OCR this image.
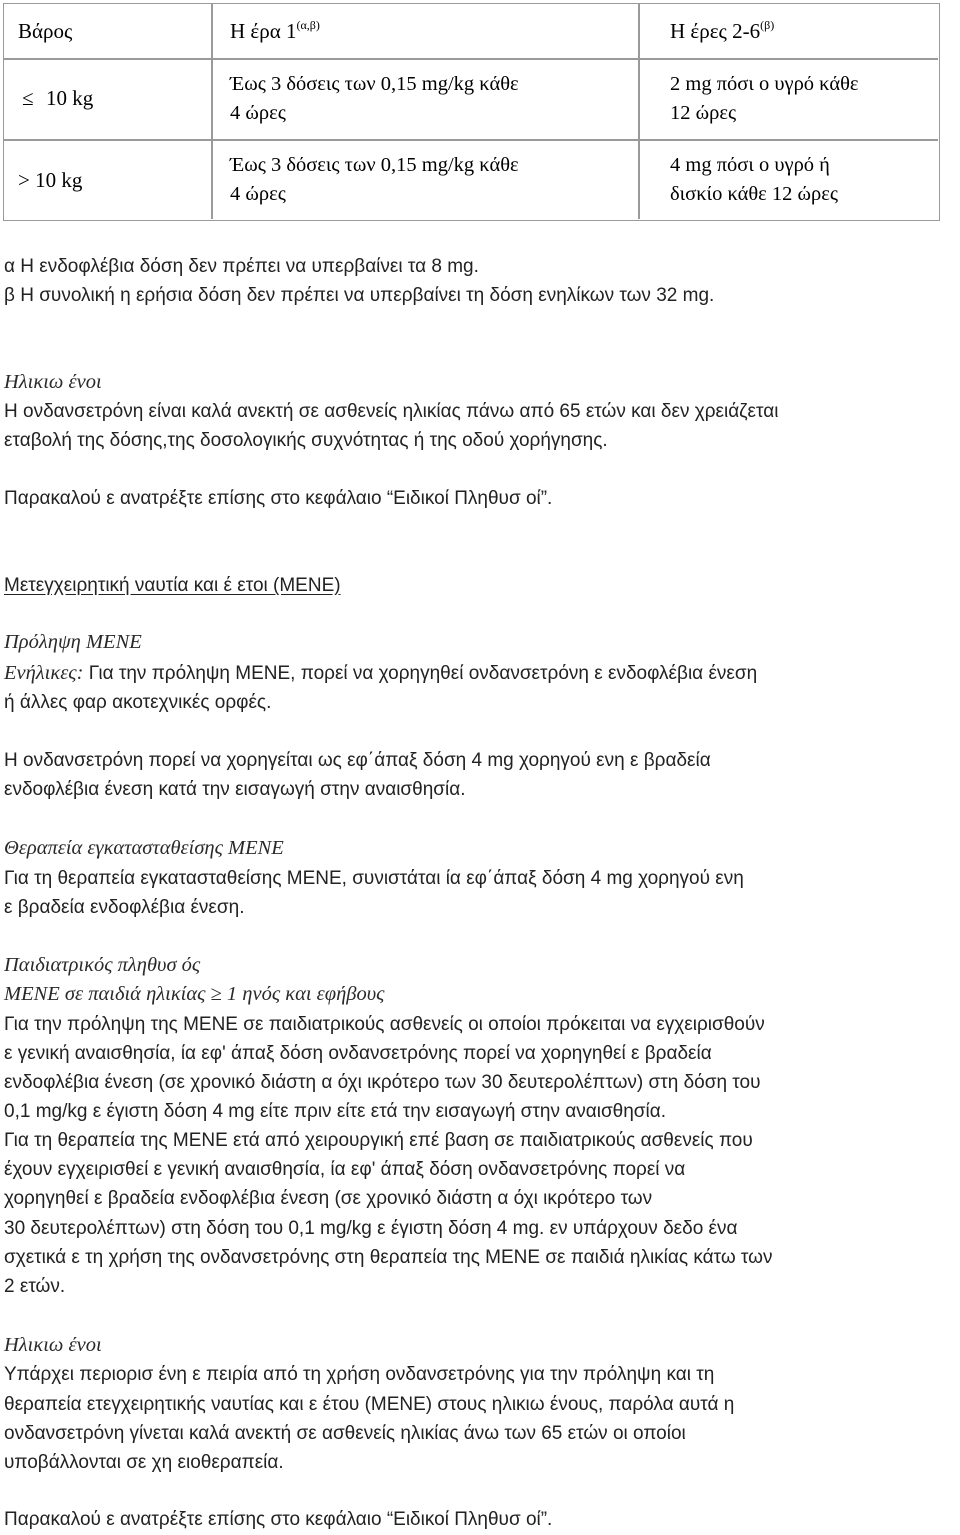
Βάρος	Η έρα $1^{(\alpha,\beta)}$	Η έρες $2-6^{(\beta)}$
≤ 10 kg
Έως 3 δόσεις των 0,15 mg/kg κάθε
4 ώρες
2 mg πόσι ο υγρό κάθε
12 ώρες
> 10 kg
Έως 3 δόσεις των 0,15 mg/kg κάθε
4 ώρες
4 mg πόσι ο υγρό ή
δισκίο κάθε 12 ώρες
α Η ενδοφλέβια δόση δεν πρέπει να υπερβαίνει τα 8 mg.
β Η συνολική η ερήσια δόση δεν πρέπει να υπερβαίνει τη δόση ενηλίκων των 32 mg.
Ηλικιω ένοι
Η ονδανσετρόνη είναι καλά ανεκτή σε ασθενείς ηλικίας πάνω από 65 ετών και δεν χρειάζεται
εταβολή της δόσης,της δοσολογικής συχνότητας ή της οδού χορήγησης.
Παρακαλού ε ανατρέξτε επίσης στο κεφάλαιο “Ειδικοί Πληθυσ οί”.
Μετεγχειρητική ναυτία και έ ετοι (ΜΕΝΕ)
Πρόληψη ΜΕΝΕ
Ενήλικες: Για την πρόληψη ΜΕΝΕ, πορεί να χορηγηθεί ονδανσετρόνη ε ενδοφλέβια ένεση
ή άλλες φαρ ακοτεχνικές ορφές.
Η ονδανσετρόνη πορεί να χορηγείται ως εφ΄άπαξ δόση 4 mg χορηγού ενη ε βραδεία
ενδοφλέβια ένεση κατά την εισαγωγή στην αναισθησία.
Θεραπεία εγκατασταθείσης ΜΕΝΕ
Για τη θεραπεία εγκατασταθείσης ΜΕΝΕ, συνιστάται ία εφ΄άπαξ δόση 4 mg χορηγού ενη
ε βραδεία ενδοφλέβια ένεση.
Παιδιατρικός πληθυσ ός
ΜΕΝΕ σε παιδιά ηλικίας ≥ 1 ηνός και εφήβους
Για την πρόληψη της ΜΕΝΕ σε παιδιατρικούς ασθενείς οι οποίοι πρόκειται να εγχειρισθούν
ε γενική αναισθησία, ία εφ' άπαξ δόση ονδανσετρόνης πορεί να χορηγηθεί ε βραδεία
ενδοφλέβια ένεση (σε χρονικό διάστη α όχι ικρότερο των 30 δευτερολέπτων) στη δόση του
0,1 mg/kg ε έγιστη δόση 4 mg είτε πριν είτε ετά την εισαγωγή στην αναισθησία.
Για τη θεραπεία της ΜΕΝΕ ετά από χειρουργική επέ βαση σε παιδιατρικούς ασθενείς που
έχουν εγχειρισθεί ε γενική αναισθησία, ία εφ' άπαξ δόση ονδανσετρόνης πορεί να
χορηγηθεί ε βραδεία ενδοφλέβια ένεση (σε χρονικό διάστη α όχι ικρότερο των
30 δευτερολέπτων) στη δόση του 0,1 mg/kg ε έγιστη δόση 4 mg. εν υπάρχουν δεδο ένα
σχετικά ε τη χρήση της ονδανσετρόνης στη θεραπεία της ΜΕΝΕ σε παιδιά ηλικίας κάτω των
2 ετών.
Ηλικιω ένοι
Υπάρχει περιορισ ένη ε πειρία από τη χρήση ονδανσετρόνης για την πρόληψη και τη
θεραπεία ετεγχειρητικής ναυτίας και ε έτου (ΜΕΝΕ) στους ηλικιω ένους, παρόλα αυτά η
ονδανσετρόνη γίνεται καλά ανεκτή σε ασθενείς ηλικίας άνω των 65 ετών οι οποίοι
υποβάλλονται σε χη ειοθεραπεία.
Παρακαλού ε ανατρέξτε επίσης στο κεφάλαιο “Ειδικοί Πληθυσ οί”.
